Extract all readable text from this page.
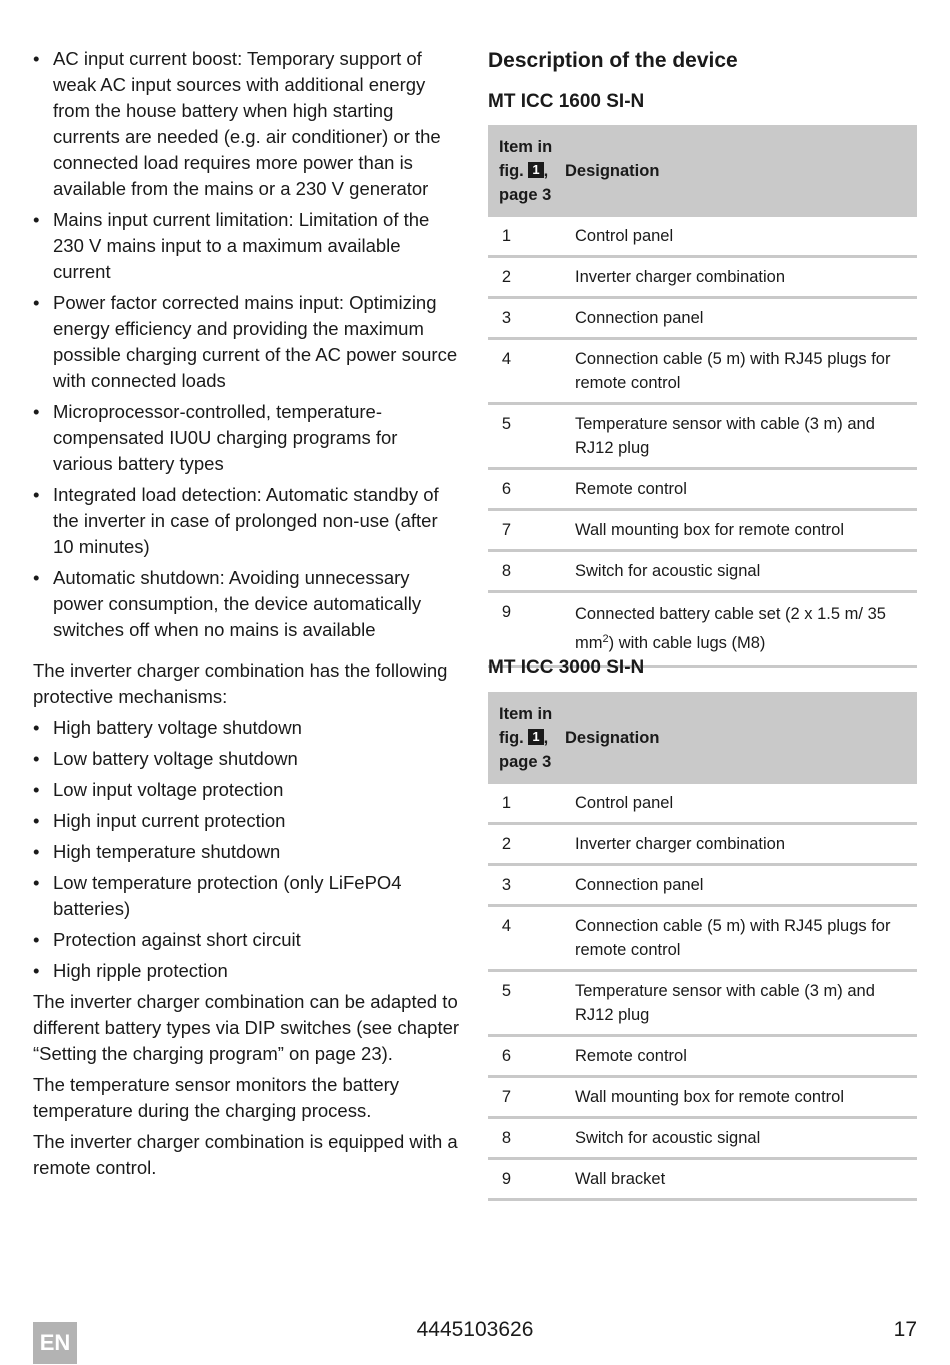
• AC input current boost: Temporary support of weak AC input sources with additional energy from the house battery when high starting currents are needed (e.g. air conditioner) or the connected load requires more power than is available from the mains or a 230 V generator
• Mains input current limitation: Limitation of the 230 V mains input to a maximum available current
• Power factor corrected mains input: Optimizing energy efficiency and providing the maximum possible charging current of the AC power source with connected loads
• Microprocessor-controlled, temperature-compensated IU0U charging programs for various battery types
• Integrated load detection: Automatic standby of the inverter in case of prolonged non-use (after 10 minutes)
• Automatic shutdown: Avoiding unnecessary power consumption, the device automatically switches off when no mains is available

The inverter charger combination has the following protective mechanisms:

• High battery voltage shutdown
• Low battery voltage shutdown
• Low input voltage protection
• High input current protection
• High temperature shutdown
• Low temperature protection (only LiFePO4 batteries)
• Protection against short circuit
• High ripple protection

The inverter charger combination can be adapted to different battery types via DIP switches (see chapter “Setting the charging program” on page 23).

The temperature sensor monitors the battery temperature during the charging process.

The inverter charger combination is equipped with a remote control.

Description of the device
MT ICC 1600 SI-N
Item in
fig. 1 ,
page 3	Designation
1	Control panel
2	Inverter charger combination
3	Connection panel
4	Connection cable (5 m) with RJ45 plugs for remote control
5	Temperature sensor with cable (3 m) and RJ12 plug
6	Remote control
7	Wall mounting box for remote control
8	Switch for acoustic signal
9	Connected battery cable set (2 x 1.5 m/ 35 $mm^2$) with cable lugs (M8)
MT ICC 3000 SI-N
Item in
fig. 1 ,
page 3	Designation
1	Control panel
2	Inverter charger combination
3	Connection panel
4	Connection cable (5 m) with RJ45 plugs for remote control
5	Temperature sensor with cable (3 m) and RJ12 plug
6	Remote control
7	Wall mounting box for remote control
8	Switch for acoustic signal
9	Wall bracket
EN
4445103626	17
